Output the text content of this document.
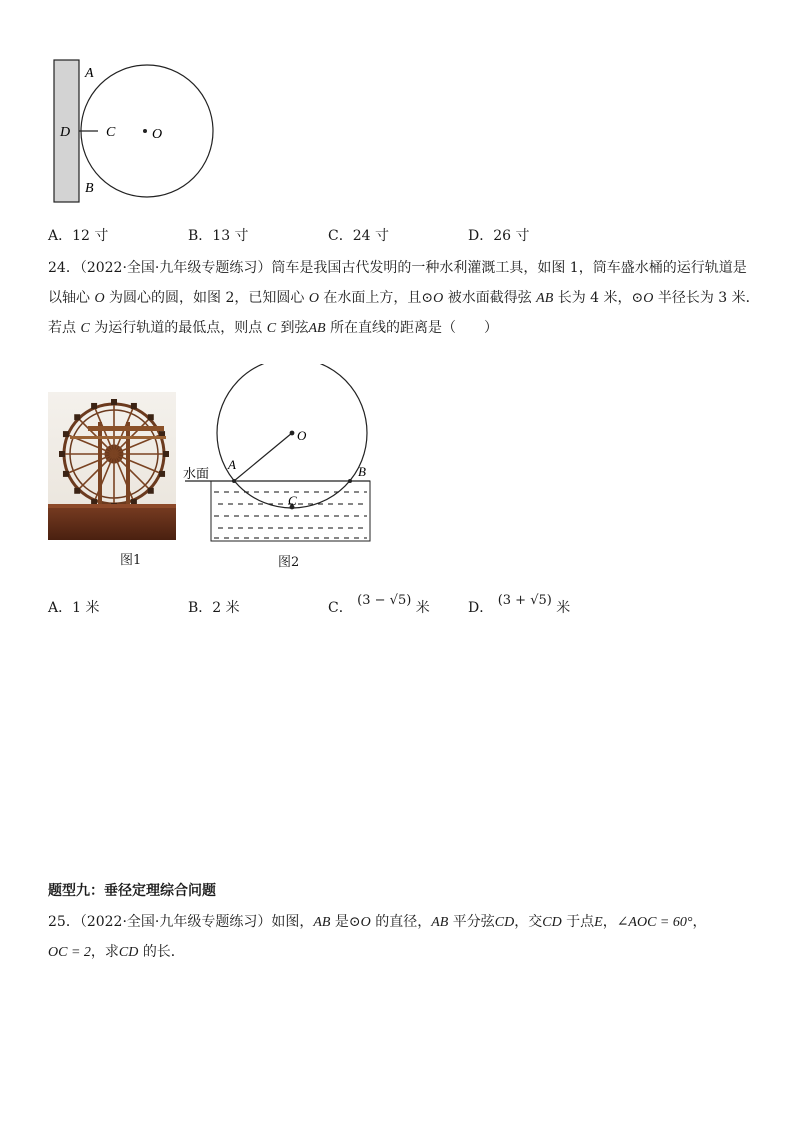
A
D	C	O
B
A．12 寸	B．13 寸	C．24 寸	D．26 寸
24．（2022·全国·九年级专题练习）筒车是我国古代发明的一种水利灌溉工具，如图 1，筒车盛水桶的运行轨道是
以轴心 O 为圆心的圆，如图 2，已知圆心 O 在水面上方，且⊙O 被水面截得弦 AB 长为 4 米，⊙O 半径长为 3 米．
若点 C 为运行轨道的最低点，则点 C 到弦AB 所在直线的距离是（　　）
图1
水面
A	B
O
C
图2
A．1 米	B．2 米	C． (3 − √5) 米	D． (3 + √5) 米
题型九：垂径定理综合问题
25．（2022·全国·九年级专题练习）如图，AB 是⊙O 的直径，AB 平分弦CD，交CD 于点E，∠AOC = 60°，
OC = 2，求CD 的长．
